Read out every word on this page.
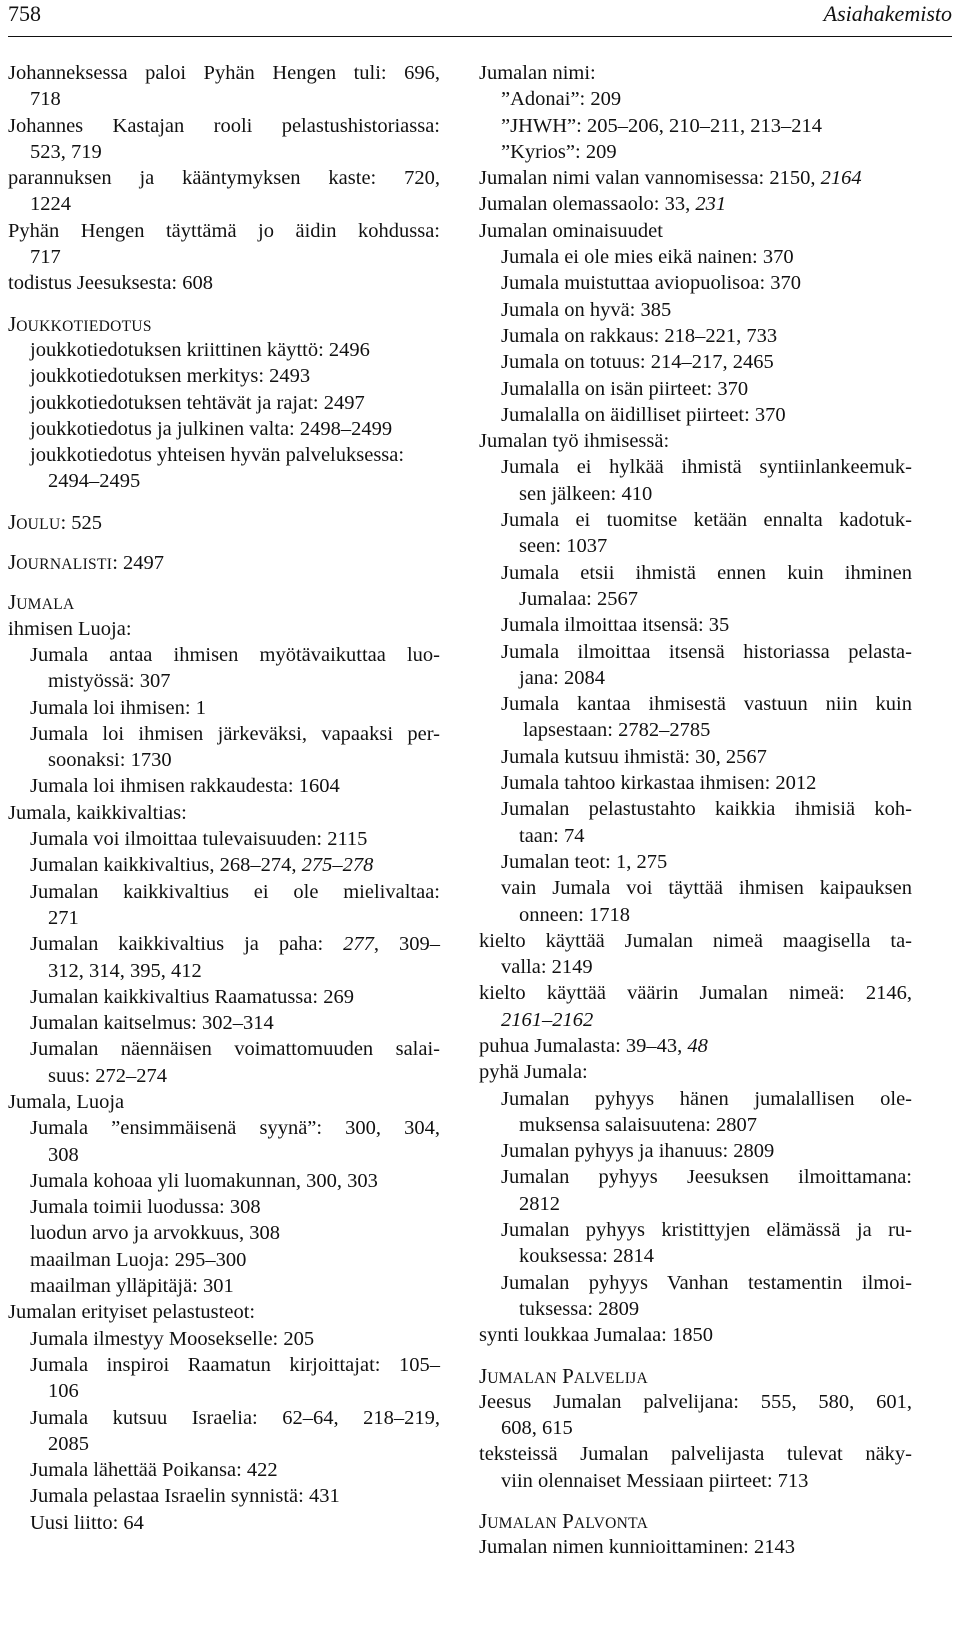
758	Asiahakemisto
Johanneksessa paloi Pyhän Hengen tuli: 696,
718
Johannes Kastajan rooli pelastushistoriassa:
523, 719
parannuksen ja kääntymyksen kaste: 720,
1224
Pyhän Hengen täyttämä jo äidin kohdussa:
717
todistus Jeesuksesta: 608
JOUKKOTIEDOTUS
joukkotiedotuksen kriittinen käyttö: 2496
joukkotiedotuksen merkitys: 2493
joukkotiedotuksen tehtävät ja rajat: 2497
joukkotiedotus ja julkinen valta: 2498–2499
joukkotiedotus yhteisen hyvän palveluksessa:
2494–2495
JOULU: 525
JOURNALISTI: 2497
JUMALA
ihmisen Luoja:
Jumala antaa ihmisen myötävaikuttaa luo-
mistyössä: 307
Jumala loi ihmisen: 1
Jumala loi ihmisen järkeväksi, vapaaksi per-
soonaksi: 1730
Jumala loi ihmisen rakkaudesta: 1604
Jumala, kaikkivaltias:
Jumala voi ilmoittaa tulevaisuuden: 2115
Jumalan kaikkivaltius, 268–274, 275–278
Jumalan kaikkivaltius ei ole mielivaltaa:
271
Jumalan kaikkivaltius ja paha: 277, 309–
312, 314, 395, 412
Jumalan kaikkivaltius Raamatussa: 269
Jumalan kaitselmus: 302–314
Jumalan näennäisen voimattomuuden salai-
suus: 272–274
Jumala, Luoja
Jumala ”ensimmäisenä syynä”: 300, 304,
308
Jumala kohoaa yli luomakunnan, 300, 303
Jumala toimii luodussa: 308
luodun arvo ja arvokkuus, 308
maailman Luoja: 295–300
maailman ylläpitäjä: 301
Jumalan erityiset pelastusteot:
Jumala ilmestyy Moosekselle: 205
Jumala inspiroi Raamatun kirjoittajat: 105–
106
Jumala kutsuu Israelia: 62–64, 218–219,
2085
Jumala lähettää Poikansa: 422
Jumala pelastaa Israelin synnistä: 431
Uusi liitto: 64
Jumalan nimi:
”Adonai”: 209
”JHWH”: 205–206, 210–211, 213–214
”Kyrios”: 209
Jumalan nimi valan vannomisessa: 2150, 2164
Jumalan olemassaolo: 33, 231
Jumalan ominaisuudet
Jumala ei ole mies eikä nainen: 370
Jumala muistuttaa aviopuolisoa: 370
Jumala on hyvä: 385
Jumala on rakkaus: 218–221, 733
Jumala on totuus: 214–217, 2465
Jumalalla on isän piirteet: 370
Jumalalla on äidilliset piirteet: 370
Jumalan työ ihmisessä:
Jumala ei hylkää ihmistä syntiinlankeemuk-
sen jälkeen: 410
Jumala ei tuomitse ketään ennalta kadotuk-
seen: 1037
Jumala etsii ihmistä ennen kuin ihminen
Jumalaa: 2567
Jumala ilmoittaa itsensä: 35
Jumala ilmoittaa itsensä historiassa pelasta-
jana: 2084
Jumala kantaa ihmisestä vastuun niin kuin
lapsestaan: 2782–2785
Jumala kutsuu ihmistä: 30, 2567
Jumala tahtoo kirkastaa ihmisen: 2012
Jumalan pelastustahto kaikkia ihmisiä koh-
taan: 74
Jumalan teot: 1, 275
vain Jumala voi täyttää ihmisen kaipauksen
onneen: 1718
kielto käyttää Jumalan nimeä maagisella ta-
valla: 2149
kielto käyttää väärin Jumalan nimeä: 2146,
2161–2162
puhua Jumalasta: 39–43, 48
pyhä Jumala:
Jumalan pyhyys hänen jumalallisen ole-
muksensa salaisuutena: 2807
Jumalan pyhyys ja ihanuus: 2809
Jumalan pyhyys Jeesuksen ilmoittamana:
2812
Jumalan pyhyys kristittyjen elämässä ja ru-
kouksessa: 2814
Jumalan pyhyys Vanhan testamentin ilmoi-
tuksessa: 2809
synti loukkaa Jumalaa: 1850
JUMALAN PALVELIJA
Jeesus Jumalan palvelijana: 555, 580, 601,
608, 615
teksteissä Jumalan palvelijasta tulevat näky-
viin olennaiset Messiaan piirteet: 713
JUMALAN PALVONTA
Jumalan nimen kunnioittaminen: 2143
